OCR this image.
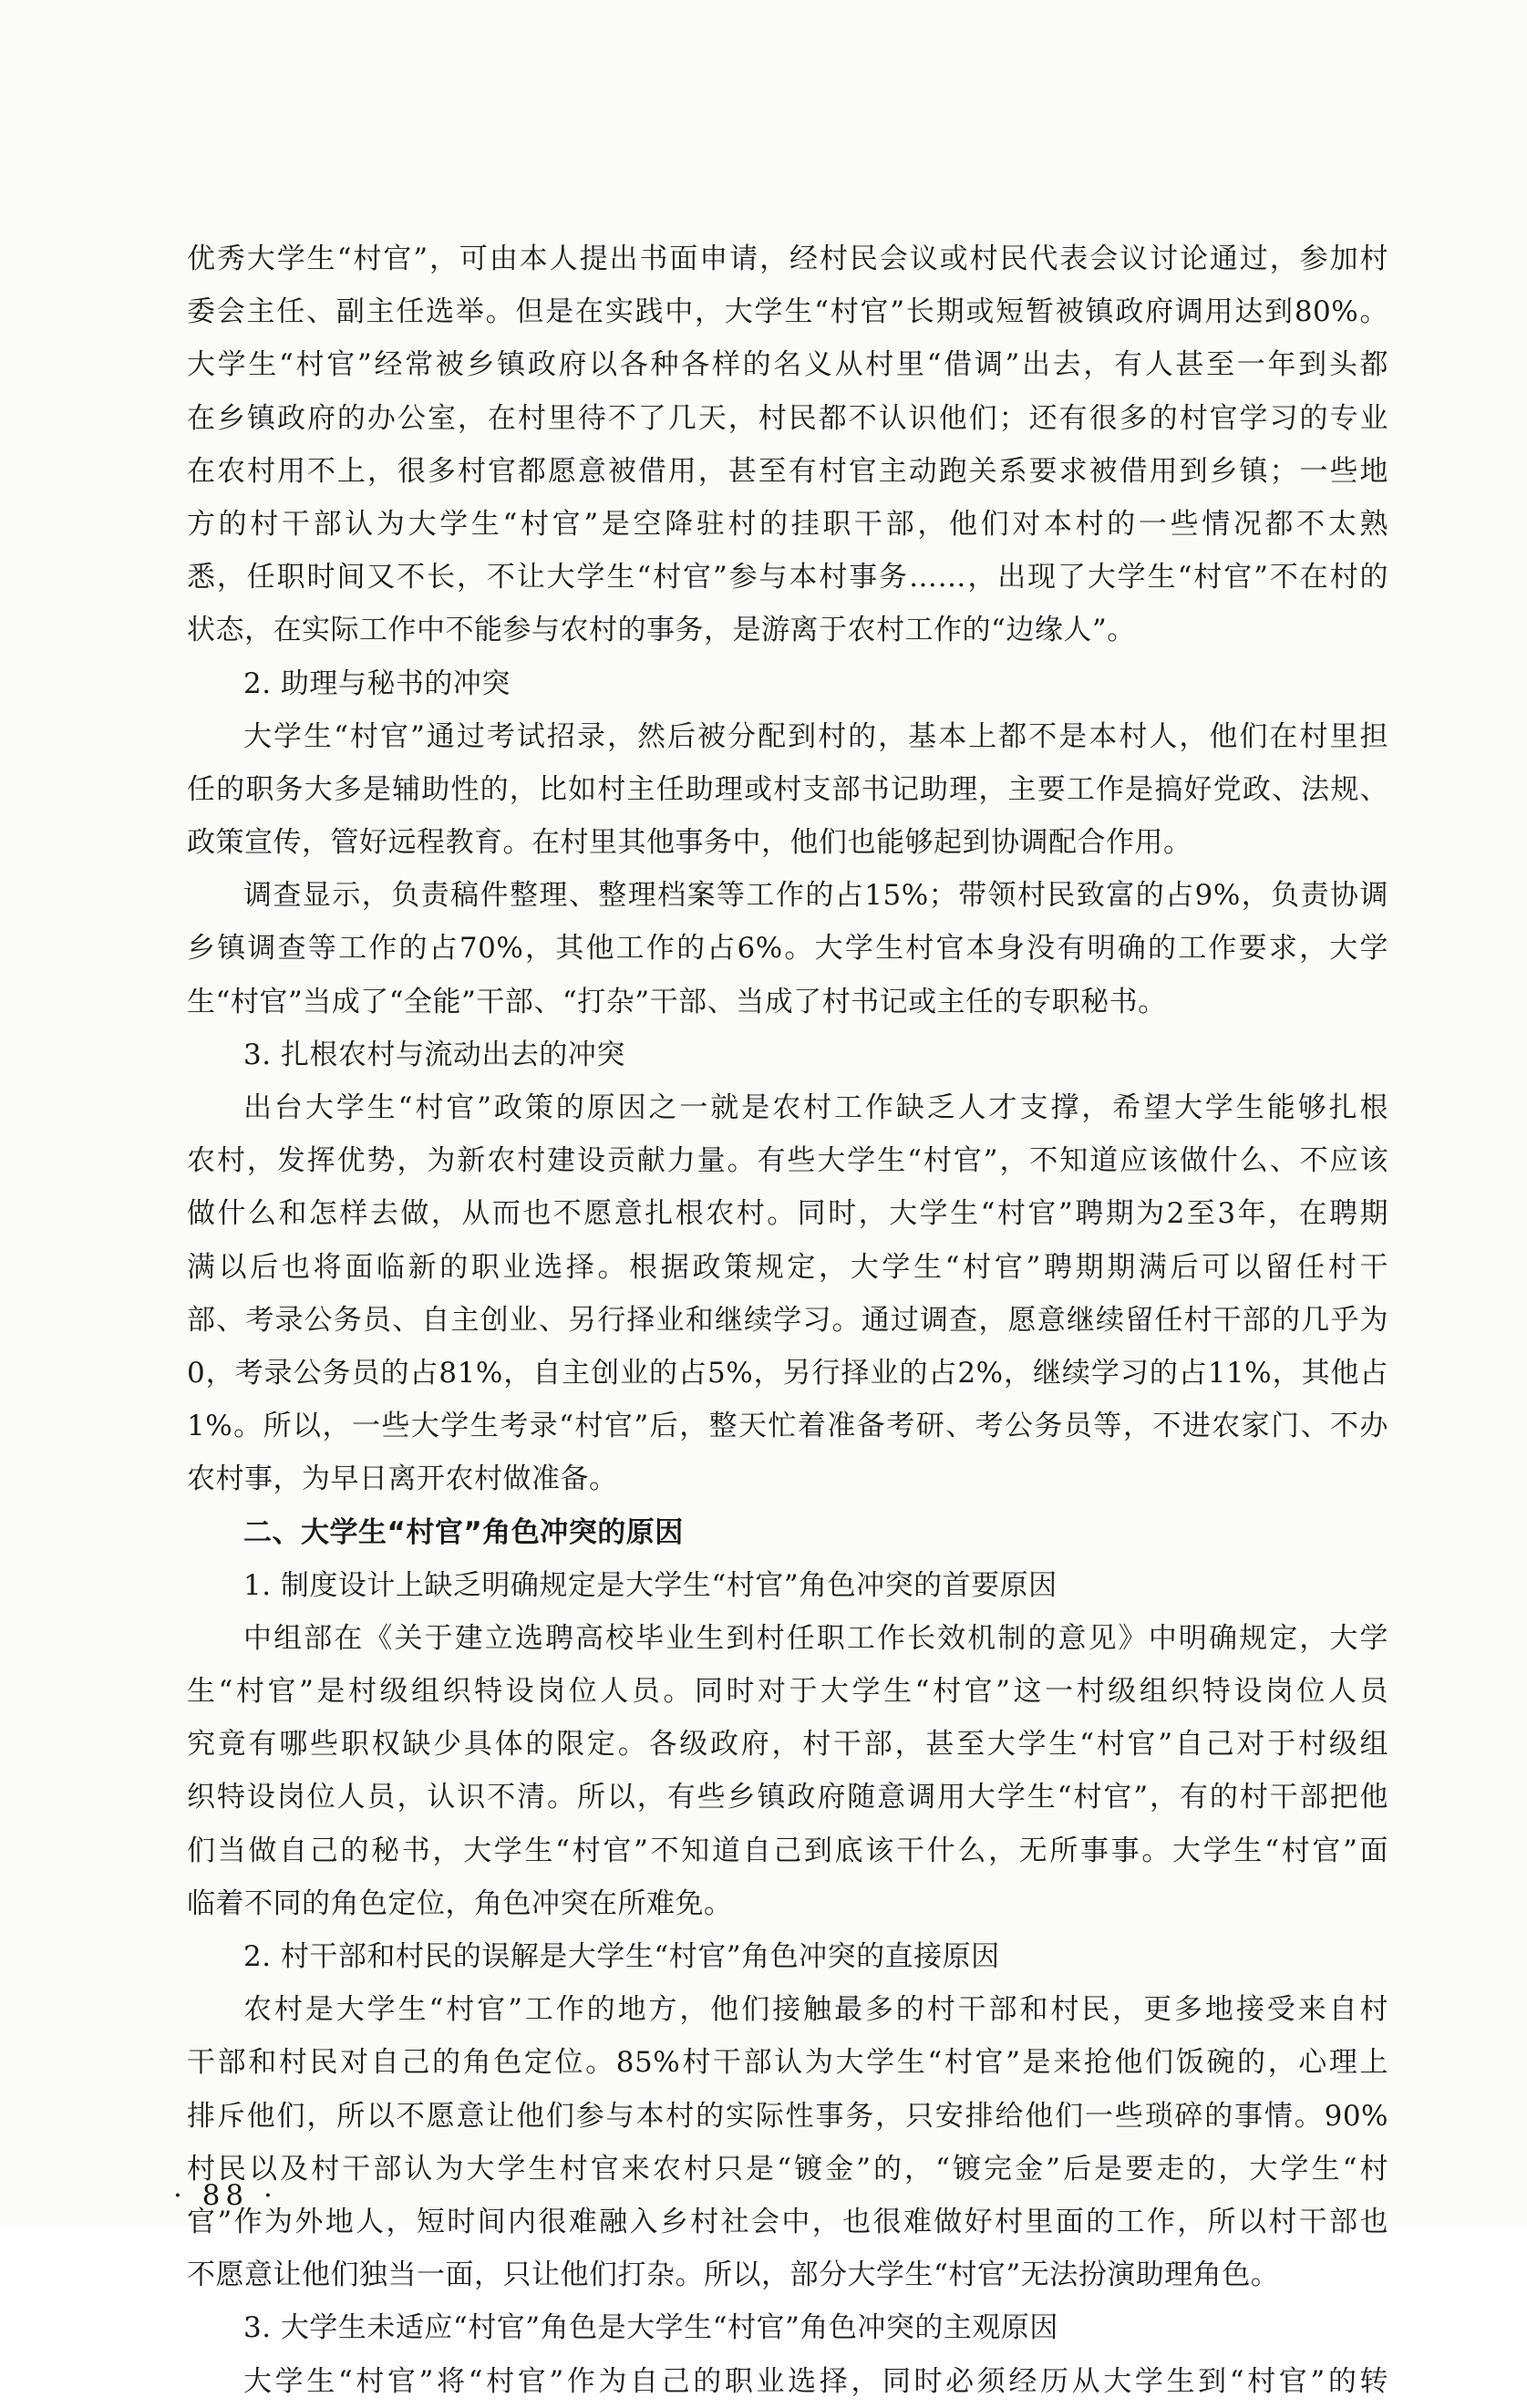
优秀大学生“村官”，可由本人提出书面申请，经村民会议或村民代表会议讨论通过，参加村
委会主任、副主任选举。但是在实践中，大学生“村官”长期或短暂被镇政府调用达到80%。
大学生“村官”经常被乡镇政府以各种各样的名义从村里“借调”出去，有人甚至一年到头都
在乡镇政府的办公室，在村里待不了几天，村民都不认识他们；还有很多的村官学习的专业
在农村用不上，很多村官都愿意被借用，甚至有村官主动跑关系要求被借用到乡镇；一些地
方的村干部认为大学生“村官”是空降驻村的挂职干部，他们对本村的一些情况都不太熟
悉，任职时间又不长，不让大学生“村官”参与本村事务……，出现了大学生“村官”不在村的
状态，在实际工作中不能参与农村的事务，是游离于农村工作的“边缘人”。
2. 助理与秘书的冲突
大学生“村官”通过考试招录，然后被分配到村的，基本上都不是本村人，他们在村里担
任的职务大多是辅助性的，比如村主任助理或村支部书记助理，主要工作是搞好党政、法规、
政策宣传，管好远程教育。在村里其他事务中，他们也能够起到协调配合作用。
调查显示，负责稿件整理、整理档案等工作的占15%；带领村民致富的占9%，负责协调
乡镇调查等工作的占70%，其他工作的占6%。大学生村官本身没有明确的工作要求，大学
生“村官”当成了“全能”干部、“打杂”干部、当成了村书记或主任的专职秘书。
3. 扎根农村与流动出去的冲突
出台大学生“村官”政策的原因之一就是农村工作缺乏人才支撑，希望大学生能够扎根
农村，发挥优势，为新农村建设贡献力量。有些大学生“村官”，不知道应该做什么、不应该
做什么和怎样去做，从而也不愿意扎根农村。同时，大学生“村官”聘期为2至3年，在聘期
满以后也将面临新的职业选择。根据政策规定，大学生“村官”聘期期满后可以留任村干
部、考录公务员、自主创业、另行择业和继续学习。通过调查，愿意继续留任村干部的几乎为
0，考录公务员的占81%，自主创业的占5%，另行择业的占2%，继续学习的占11%，其他占
1%。所以，一些大学生考录“村官”后，整天忙着准备考研、考公务员等，不进农家门、不办
农村事，为早日离开农村做准备。
二、大学生“村官”角色冲突的原因
1. 制度设计上缺乏明确规定是大学生“村官”角色冲突的首要原因
中组部在《关于建立选聘高校毕业生到村任职工作长效机制的意见》中明确规定，大学
生“村官”是村级组织特设岗位人员。同时对于大学生“村官”这一村级组织特设岗位人员
究竟有哪些职权缺少具体的限定。各级政府，村干部，甚至大学生“村官”自己对于村级组
织特设岗位人员，认识不清。所以，有些乡镇政府随意调用大学生“村官”，有的村干部把他
们当做自己的秘书，大学生“村官”不知道自己到底该干什么，无所事事。大学生“村官”面
临着不同的角色定位，角色冲突在所难免。
2. 村干部和村民的误解是大学生“村官”角色冲突的直接原因
农村是大学生“村官”工作的地方，他们接触最多的村干部和村民，更多地接受来自村
干部和村民对自己的角色定位。85%村干部认为大学生“村官”是来抢他们饭碗的，心理上
排斥他们，所以不愿意让他们参与本村的实际性事务，只安排给他们一些琐碎的事情。90%
村民以及村干部认为大学生村官来农村只是“镀金”的，“镀完金”后是要走的，大学生“村
官”作为外地人，短时间内很难融入乡村社会中，也很难做好村里面的工作，所以村干部也
不愿意让他们独当一面，只让他们打杂。所以，部分大学生“村官”无法扮演助理角色。
3. 大学生未适应“村官”角色是大学生“村官”角色冲突的主观原因
大学生“村官”将“村官”作为自己的职业选择，同时必须经历从大学生到“村官”的转
· 88 ·
